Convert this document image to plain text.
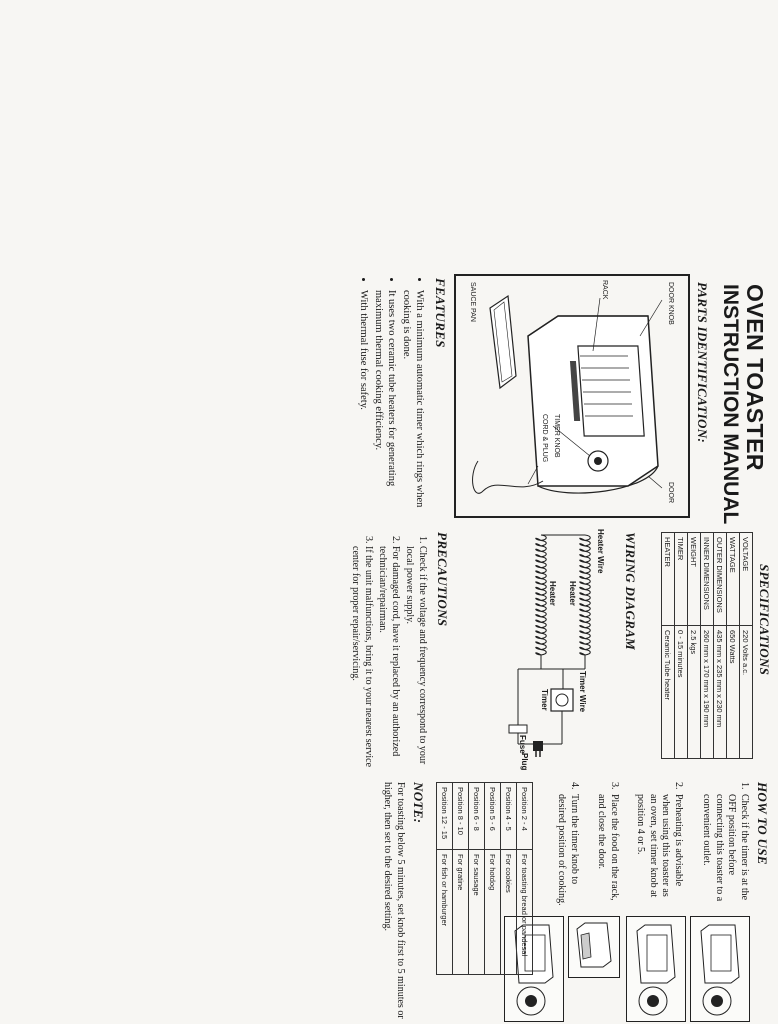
OVEN TOASTER
INSTRUCTION MANUAL
PARTS IDENTIFICATION:
DOOR KNOB
DOOR
RACK
TIMER KNOB
CORD & PLUG
SAUCE PAN
FEATURES
• With a minimum automatic timer which rings when cooking is done.
• It uses two ceramic tube heaters for generating maximum thermal cooking efficiency.
• With thermal fuse for safety.
SPECIFICATIONS
VOLTAGE	220 Volts a.c.
WATTAGE	650 Watts
OUTER DIMENSIONS	435 mm x 235 mm x 230 mm
INNER DIMENSIONS	260 mm x 170 mm x 190 mm
WEIGHT	2.5 kgs
TIMER	0 - 15 minutes
HEATER	Ceramic Tube heater
WIRING DIAGRAM
Heater Wire
Heater
Heater
Timer Wire
Timer
Fuse
Plug
PRECAUTIONS
1. Check if the voltage and frequency correspond to your local power supply.
2. For damaged cord, have it replaced by an authorized technician/repairman.
3. If the unit malfunctions, bring it to your nearest service center for proper repair/servicing.
HOW TO USE
1.
Check if the timer is at the OFF position before connecting this toaster to a convenient outlet.
2.
Preheating is advisable when using this toaster as an oven, set timer knob at position 4 or 5.
3.
Place the food on the rack, and close the door.
4.
Turn the timer knob to desired position of cooking.
Position 2 - 4	For toasting bread or pandesal
Position 4 - 5	For cookies
Position 5 - 6	For hotdog
Position 6 - 8	For sausage
Position 8 - 10	For gratine
Position 12 - 15	For fish or hamburger
NOTE:
For toasting below 5 minutes, set knob first to 5 minutes or higher, then set to the desired setting.
